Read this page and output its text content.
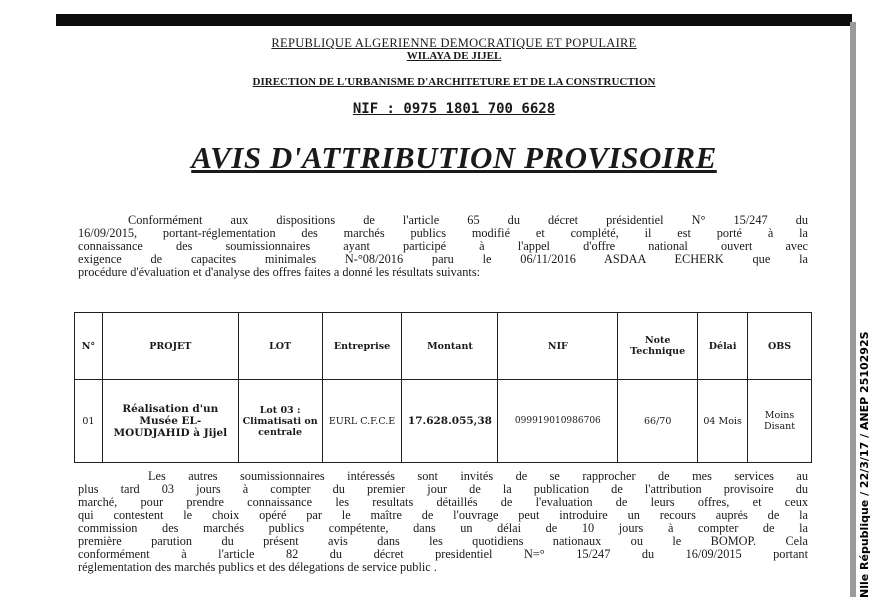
Nlle République / 22/3/17 / ANEP 2510292S
REPUBLIQUE ALGERIENNE DEMOCRATIQUE ET POPULAIRE
WILAYA DE JIJEL
DIRECTION DE L'URBANISME D'ARCHITETURE ET DE LA CONSTRUCTION
NIF : 0975 1801 700 6628
AVIS D'ATTRIBUTION PROVISOIRE
Conformément aux dispositions de l'article 65 du décret présidentiel N° 15/247 du
16/09/2015, portant-réglementation des marchés publics modifié et complété, il est porté à la
connaissance des soumissionnaires ayant participé à l'appel d'offre national ouvert avec
exigence de capacites minimales N-°08/2016 paru le 06/11/2016 ASDAA ECHERK que la
procédure d'évaluation et d'analyse des offres faites a donné les résultats suivants:
N°	PROJET	LOT	Entreprise	Montant	NIF	Note Technique	Délai	OBS
01	Réalisation d'un Musée EL-MOUDJAHID à Jijel	Lot 03 : Climatisati on centrale	EURL C.F.C.E	17.628.055,38	099919010986706	66/70	04 Mois	Moins Disant
Les autres soumissionnaires intéressés sont invités de se rapprocher de mes services au
plus tard 03 jours à compter du premier jour de la publication de l'attribution provisoire du
marché, pour prendre connaissance les resultats détaillés de l'evaluation de leurs offres, et ceux
qui contestent le choix opéré par le maître de l'ouvrage peut introduire un recours auprés de la
commission des marchés publics compétente, dans un délai de 10 jours à compter de la
première parution du présent avis dans les quotidiens nationaux ou le BOMOP. Cela
conformément à l'article 82 du décret presidentiel N=° 15/247 du 16/09/2015 portant
réglementation des marchés publics et des délegations de service public .
